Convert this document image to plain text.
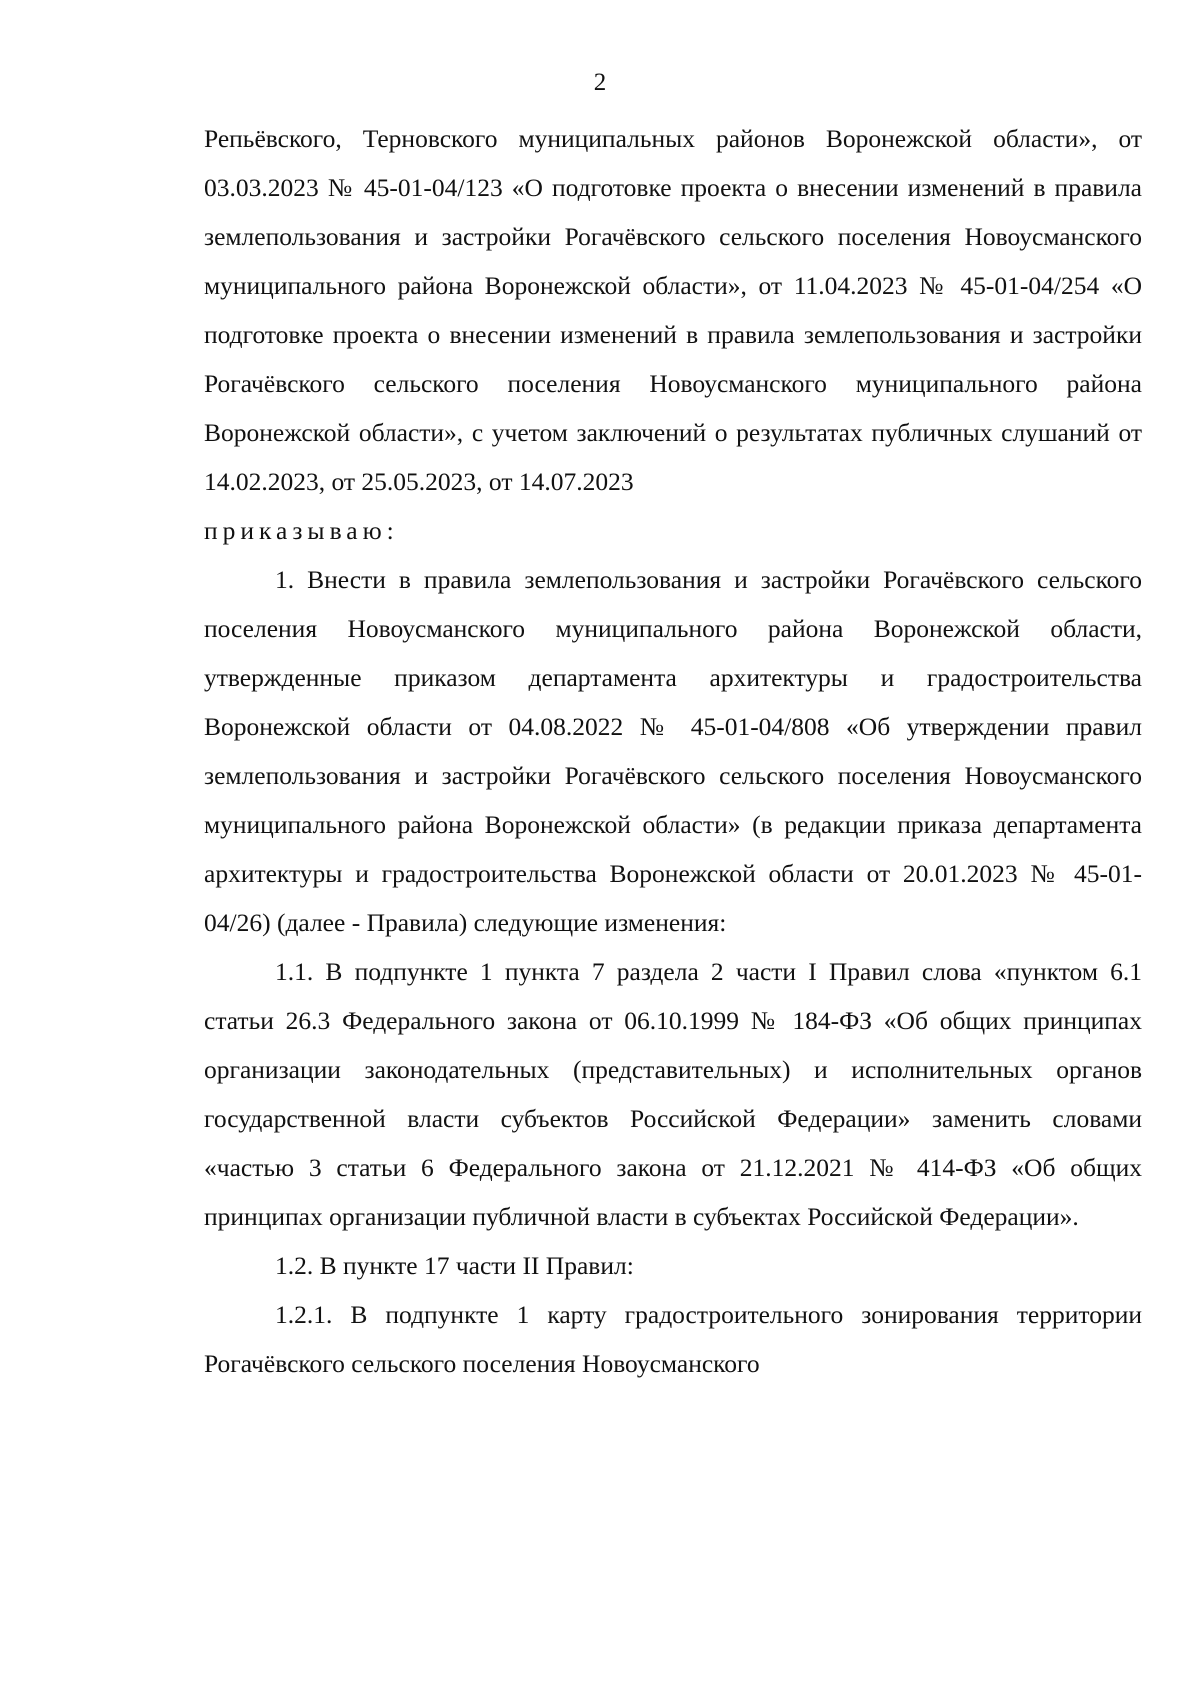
2

Репьёвского, Терновского муниципальных районов Воронежской области», от 03.03.2023 № 45-01-04/123 «О подготовке проекта о внесении изменений в правила землепользования и застройки Рогачёвского сельского поселения Новоусманского муниципального района Воронежской области», от 11.04.2023 № 45-01-04/254 «О подготовке проекта о внесении изменений в правила землепользования и застройки Рогачёвского сельского поселения Новоусманского муниципального района Воронежской области», с учетом заключений о результатах публичных слушаний от 14.02.2023, от 25.05.2023, от 14.07.2023

приказываю:

1. Внести в правила землепользования и застройки Рогачёвского сельского поселения Новоусманского муниципального района Воронежской области, утвержденные приказом департамента архитектуры и градостроительства Воронежской области от 04.08.2022 № 45-01-04/808 «Об утверждении правил землепользования и застройки Рогачёвского сельского поселения Новоусманского муниципального района Воронежской области» (в редакции приказа департамента архитектуры и градостроительства Воронежской области от 20.01.2023 № 45-01-04/26) (далее - Правила) следующие изменения:

1.1. В подпункте 1 пункта 7 раздела 2 части I Правил слова «пунктом 6.1 статьи 26.3 Федерального закона от 06.10.1999 № 184-ФЗ «Об общих принципах организации законодательных (представительных) и исполнительных органов государственной власти субъектов Российской Федерации» заменить словами «частью 3 статьи 6 Федерального закона от 21.12.2021 № 414-ФЗ «Об общих принципах организации публичной власти в субъектах Российской Федерации».

1.2. В пункте 17 части II Правил:

1.2.1. В подпункте 1 карту градостроительного зонирования территории Рогачёвского сельского поселения Новоусманского
